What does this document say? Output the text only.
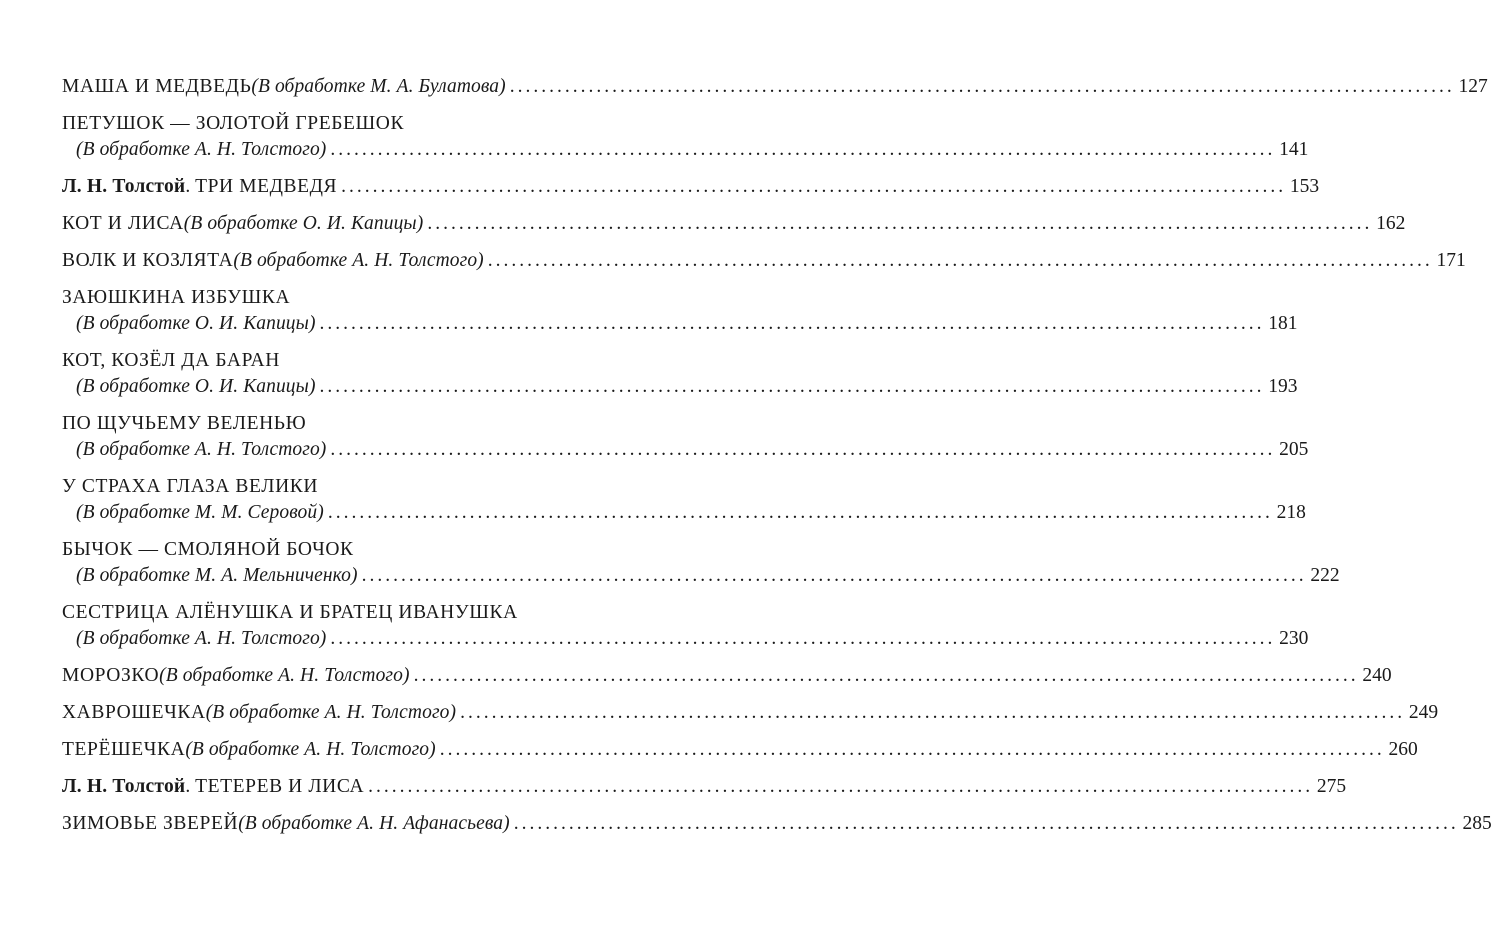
МАША И МЕДВЕДЬ (В обработке М. А. Булатова) ........................................................................................................................ 127
ПЕТУШОК — ЗОЛОТОЙ ГРЕБЕШОК
(В обработке А. Н. Толстого) ........................................................................................................................ 141
Л. Н. Толстой . ТРИ МЕДВЕДЯ ........................................................................................................................ 153
КОТ И ЛИСА (В обработке О. И. Капицы) ........................................................................................................................ 162
ВОЛК И КОЗЛЯТА (В обработке А. Н. Толстого) ........................................................................................................................ 171
ЗАЮШКИНА ИЗБУШКА
(В обработке О. И. Капицы) ........................................................................................................................ 181
КОТ, КОЗЁЛ ДА БАРАН
(В обработке О. И. Капицы) ........................................................................................................................ 193
ПО ЩУЧЬЕМУ ВЕЛЕНЬЮ
(В обработке А. Н. Толстого) ........................................................................................................................ 205
У СТРАХА ГЛАЗА ВЕЛИКИ
(В обработке М. М. Серовой) ........................................................................................................................ 218
БЫЧОК — СМОЛЯНОЙ БОЧОК
(В обработке М. А. Мельниченко) ........................................................................................................................ 222
СЕСТРИЦА АЛЁНУШКА И БРАТЕЦ ИВАНУШКА
(В обработке А. Н. Толстого) ........................................................................................................................ 230
МОРОЗКО (В обработке А. Н. Толстого) ........................................................................................................................ 240
ХАВРОШЕЧКА (В обработке А. Н. Толстого) ........................................................................................................................ 249
ТЕРЁШЕЧКА (В обработке А. Н. Толстого) ........................................................................................................................ 260
Л. Н. Толстой . ТЕТЕРЕВ И ЛИСА ........................................................................................................................ 275
ЗИМОВЬЕ ЗВЕРЕЙ (В обработке А. Н. Афанасьева) ........................................................................................................................ 285
